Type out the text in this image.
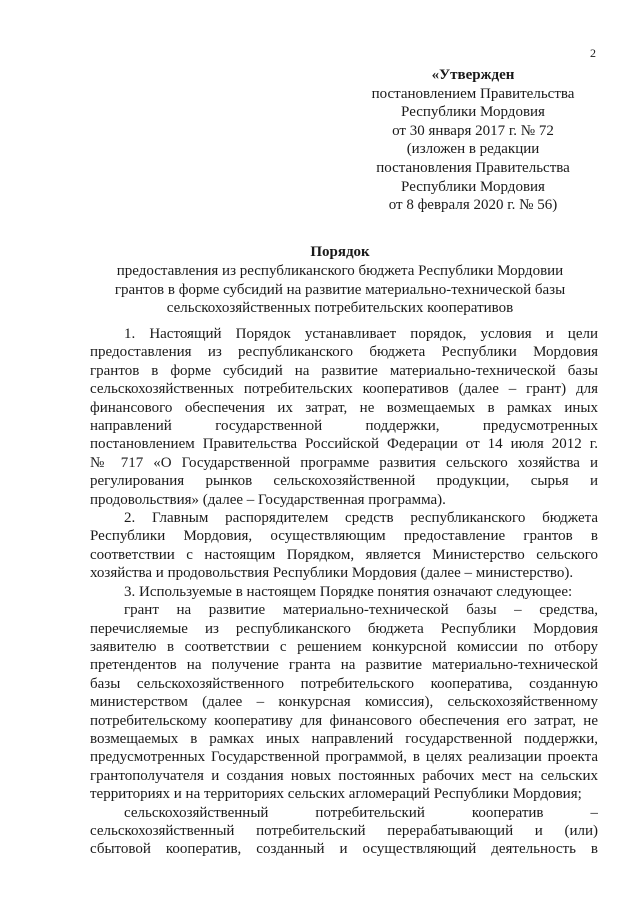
2
«Утвержден
постановлением Правительства
Республики Мордовия
от 30 января 2017 г. № 72
(изложен в редакции
постановления Правительства
Республики Мордовия
от 8 февраля 2020 г. № 56)
Порядок
предоставления из республиканского бюджета Республики Мордовии
грантов в форме субсидий на развитие материально-технической базы
сельскохозяйственных потребительских кооперативов
1. Настоящий Порядок устанавливает порядок, условия и цели
предоставления из республиканского бюджета Республики Мордовия
грантов в форме субсидий на развитие материально-технической базы
сельскохозяйственных потребительских кооперативов (далее – грант) для
финансового обеспечения их затрат, не возмещаемых в рамках иных
направлений государственной поддержки, предусмотренных
постановлением Правительства Российской Федерации от 14 июля 2012 г.
№ 717 «О Государственной программе развития сельского хозяйства и
регулирования рынков сельскохозяйственной продукции, сырья и
продовольствия» (далее – Государственная программа).
2. Главным распорядителем средств республиканского бюджета
Республики Мордовия, осуществляющим предоставление грантов в
соответствии с настоящим Порядком, является Министерство сельского
хозяйства и продовольствия Республики Мордовия (далее – министерство).
3. Используемые в настоящем Порядке понятия означают следующее:
грант на развитие материально-технической базы – средства,
перечисляемые из республиканского бюджета Республики Мордовия
заявителю в соответствии с решением конкурсной комиссии по отбору
претендентов на получение гранта на развитие материально-технической
базы сельскохозяйственного потребительского кооператива, созданную
министерством (далее – конкурсная комиссия), сельскохозяйственному
потребительскому кооперативу для финансового обеспечения его затрат, не
возмещаемых в рамках иных направлений государственной поддержки,
предусмотренных Государственной программой, в целях реализации проекта
грантополучателя и создания новых постоянных рабочих мест на сельских
территориях и на территориях сельских агломераций Республики Мордовия;
сельскохозяйственный потребительский кооператив –
сельскохозяйственный потребительский перерабатывающий и (или)
сбытовой кооператив, созданный и осуществляющий деятельность в
